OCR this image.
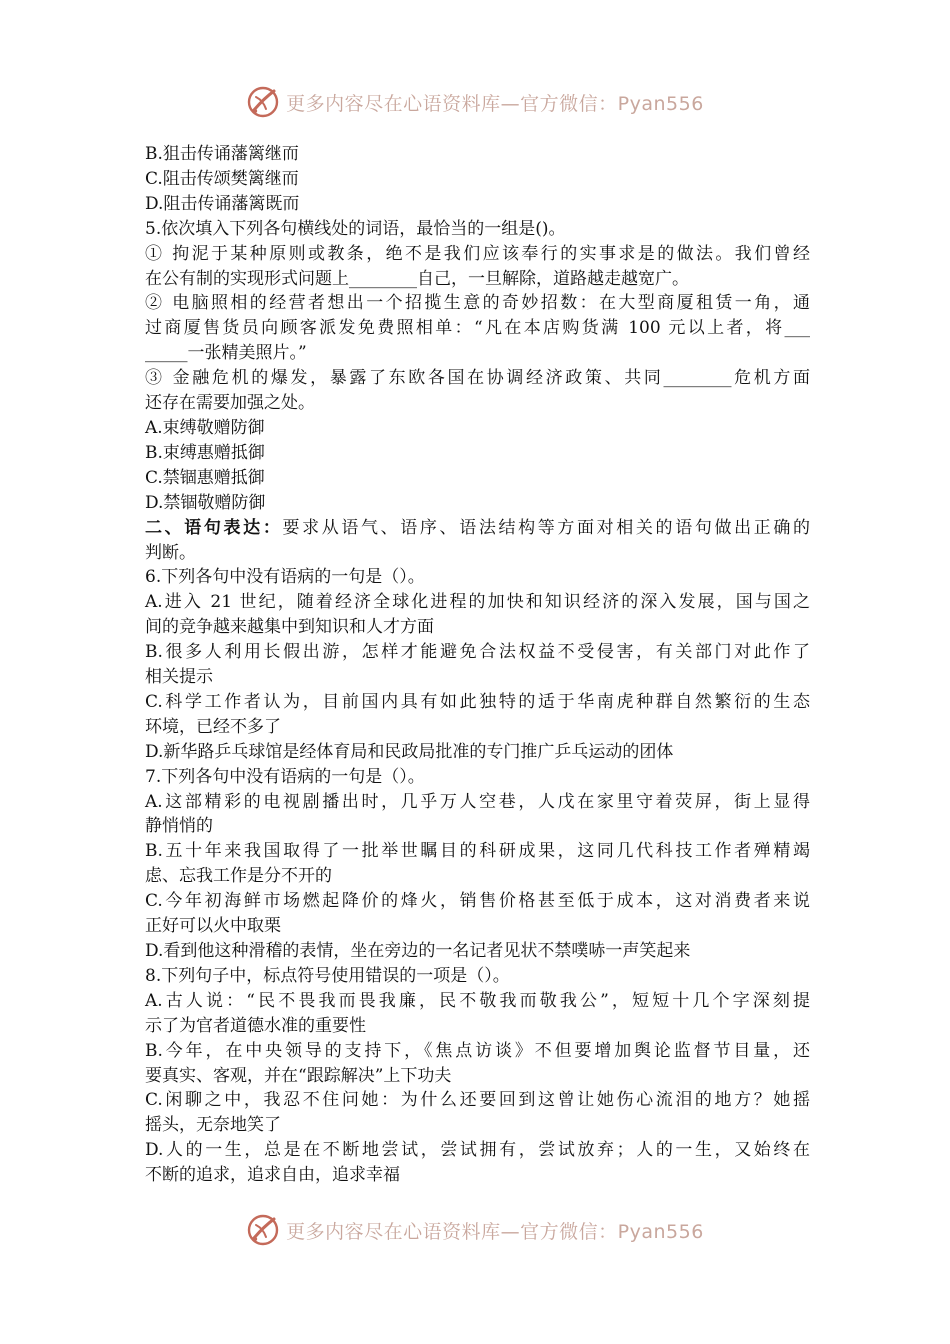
更多内容尽在心语资料库—官方微信：Pyan556

B.狙击传诵藩篱继而

C.阻击传颂樊篱继而

D.阻击传诵藩篱既而

5.依次填入下列各句横线处的词语，最恰当的一组是()。

① 拘泥于某种原则或教条，绝不是我们应该奉行的实事求是的做法。我们曾经

在公有制的实现形式问题上________自己，一旦解除，道路越走越宽广。

② 电脑照相的经营者想出一个招揽生意的奇妙招数：在大型商厦租赁一角，通

过商厦售货员向顾客派发免费照相单：“凡在本店购货满 100 元以上者，将___

_____一张精美照片。”

③ 金融危机的爆发，暴露了东欧各国在协调经济政策、共同________危机方面

还存在需要加强之处。

A.束缚敬赠防御

B.束缚惠赠抵御

C.禁锢惠赠抵御

D.禁锢敬赠防御

二、语句表达：要求从语气、语序、语法结构等方面对相关的语句做出正确的

判断。

6.下列各句中没有语病的一句是（）。

A.进入 21 世纪，随着经济全球化进程的加快和知识经济的深入发展，国与国之

间的竞争越来越集中到知识和人才方面

B.很多人利用长假出游，怎样才能避免合法权益不受侵害，有关部门对此作了

相关提示

C.科学工作者认为，目前国内具有如此独特的适于华南虎种群自然繁衍的生态

环境，已经不多了

D.新华路乒乓球馆是经体育局和民政局批准的专门推广乒乓运动的团体

7.下列各句中没有语病的一句是（）。

A.这部精彩的电视剧播出时，几乎万人空巷，人戊在家里守着荧屏，街上显得

静悄悄的

B.五十年来我国取得了一批举世瞩目的科研成果，这同几代科技工作者殚精竭

虑、忘我工作是分不开的

C.今年初海鲜市场燃起降价的烽火，销售价格甚至低于成本，这对消费者来说

正好可以火中取栗

D.看到他这种滑稽的表情，坐在旁边的一名记者见状不禁噗哧一声笑起来

8.下列句子中，标点符号使用错误的一项是（）。

A.古人说：“民不畏我而畏我廉，民不敬我而敬我公”，短短十几个字深刻提

示了为官者道德水准的重要性

B.今年，在中央领导的支持下，《焦点访谈》不但要增加舆论监督节目量，还

要真实、客观，并在“跟踪解决”上下功夫

C.闲聊之中，我忍不住问她：为什么还要回到这曾让她伤心流泪的地方？她摇

摇头，无奈地笑了

D.人的一生，总是在不断地尝试，尝试拥有，尝试放弃；人的一生，又始终在

不断的追求，追求自由，追求幸福

更多内容尽在心语资料库—官方微信：Pyan556
